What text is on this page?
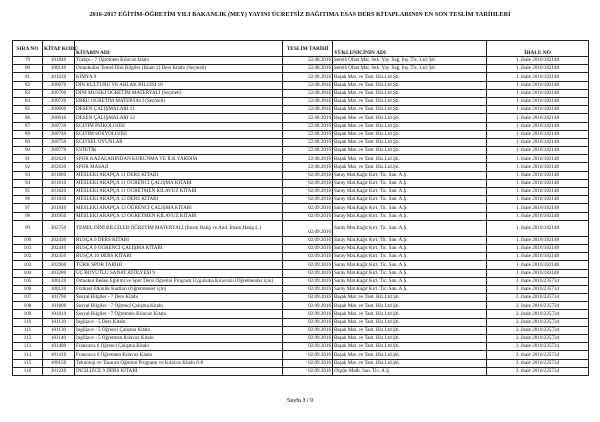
2016-2017 EĞİTİM-ÖĞRETİM YILI BAKANLIK (MEY) YAYINI ÜCRETSİZ DAĞITIMA ESAS DERS KİTAPLARININ EN SON TESLİM TARİHLERİ
SIRA NO	KİTAP KODU	KİTABIN ADI	TESLİM TARİHİ	YÜKLENİCİNİN ADI	İHALE NO
79	101840	Türkçe - 7 Öğretmen Kılavuz kitabı	22.08.2016	Semih Ofset Mat. Sek. Yay. Sağ. İnş. Tic. Ltd. Şti.	1. ihale 2016/182148
80	100140	Ortaokullar Temel Dini Bilgiler (İslam 2) Ders Kitabı (Seçmeli)	22.08.2016	Semih Ofset Mat. Sek. Yay. Sağ. İnş. Tic. Ltd. Şti.	1. ihale 2016/182148
81	201620	KİMYA 9	22.08.2016	Başak Mat. ve Tant. Hiz.Ltd.Şti.	1. ihale 2016/182148
82	200670	DİN KÜLTÜRÜ VE AHLAK BİLGİSİ 10	22.08.2016	Başak Mat. ve Tant. Hiz.Ltd.Şti.	1. ihale 2016/182148
83	200700	DİNİ MUSİKİ ÖĞRETİM MATERYALİ (Seçmeli)	22.08.2016	Başak Mat. ve Tant. Hiz.Ltd.Şti.	1. ihale 2016/182148
84	200720	EBRU ÖĞRETİM MATERYALİ (Seçmeli)	22.08.2016	Başak Mat. ve Tant. Hiz.Ltd.Şti.	1. ihale 2016/182148
85	200600	DESEN ÇALIŞMALARI 11	22.08.2016	Başak Mat. ve Tant. Hiz.Ltd.Şti.	1. ihale 2016/182148
86	200610	DESEN ÇALIŞMALARI 12	22.08.2016	Başak Mat. ve Tant. Hiz.Ltd.Şti.	1. ihale 2016/182148
87	200730	EĞİTİM PSİKOLOJİSİ	22.08.2016	Başak Mat. ve Tant. Hiz.Ltd.Şti.	1. ihale 2016/182148
88	200740	EĞİTİM SOSYOLOJİSİ	22.08.2016	Başak Mat. ve Tant. Hiz.Ltd.Şti.	1. ihale 2016/182148
89	200750	EĞİTSEL OYUNLAR	22.08.2016	Başak Mat. ve Tant. Hiz.Ltd.Şti.	1. ihale 2016/182148
90	200770	ESTETİK	22.08.2016	Başak Mat. ve Tant. Hiz.Ltd.Şti.	1. ihale 2016/182148
91	202620	SPOR KAZALARINDAN KORUNMA VE İLK YARDIM	22.08.2016	Başak Mat. ve Tant. Hiz.Ltd.Şti.	1. ihale 2016/182148
92	202630	SPOR MASAJI	22.08.2016	Başak Mat. ve Tant. Hiz.Ltd.Şti.	1. ihale 2016/182148
93	201800	MESLEKİ ARAPÇA 11 DERS KİTABI	02.09.2016	Saray Mat.Kağıt Kırt. Tic. San. A.Ş.	1. ihale 2016/182148
94	201810	MESLEKİ ARAPÇA 11 ÖĞRENCİ ÇALIŞMA KİTABI	02.09.2016	Saray Mat.Kağıt Kırt. Tic. San. A.Ş.	1. ihale 2016/182148
95	201820	MESLEKİ ARAPÇA 11 ÖĞRETMEN KILAVUZ KİTABI	02.09.2016	Saray Mat.Kağıt Kırt. Tic. San. A.Ş.	1. ihale 2016/182148
96	201830	MESLEKİ ARAPÇA 12 DERS KİTABI	02.09.2016	Saray Mat.Kağıt Kırt. Tic. San. A.Ş.	1. ihale 2016/182148
97	201840	MESLEKİ ARAPÇA 12 ÖĞRENCİ ÇALIŞMA KİTABI	02.09.2016	Saray Mat.Kağıt Kırt. Tic. San. A.Ş.	1. ihale 2016/182148
98	201850	MESLEKİ ARAPÇA 12 ÖĞRETMEN KILAVUZ KİTABI	02.09.2016	Saray Mat.Kağıt Kırt. Tic. San. A.Ş.	1. ihale 2016/182148
99	202750	TEMEL DİNİ BİLGİLER ÖĞRETİM MATERYALİ (İmam Hatip ve And. İmam Hatip L.)	02.09.2016	Saray Mat.Kağıt Kırt. Tic. San. A.Ş.	1. ihale 2016/182148
100	202430	RUSÇA 9 DERS KİTABI	02.09.2016	Saray Mat.Kağıt Kırt. Tic. San. A.Ş.	1. ihale 2016/182148
101	202440	RUSÇA 9 ÖĞRENCİ ÇALIŞMA KİTABI	02.09.2016	Saray Mat.Kağıt Kırt. Tic. San. A.Ş.	1. ihale 2016/182148
102	202450	RUSÇA 10 DERS KİTABI	02.09.2016	Saray Mat.Kağıt Kırt. Tic. San. A.Ş.	1. ihale 2016/182148
103	202900	TÜRK SPOR TARİHİ	02.09.2016	Saray Mat.Kağıt Kırt. Tic. San. A.Ş.	1. ihale 2016/182148
104	203280	ÜÇ BOYUTLU SANAT ATÖLYESİ 9	02.09.2016	Saray Mat.Kağıt Kırt. Tic. San. A.Ş.	1. ihale 2016/182148
105	100120	Ortaokul Beden Eğitimi ve Spor Dersi Öğretim Program Uygulama Kılavuzu (Öğretmenler için)	02.09.2016	Saray Mat.Kağıt Kırt. Tic. San. A.Ş.	2. ihale 2016/235734
106	100120	Fiziksel Etkinlik Kartları (Öğretmenler için)	02.09.2016	Saray Mat.Kağıt Kırt. Tic. San. A.Ş.	2. ihale 2016/235734
107	101790	Sosyal Bilgiler - 7 Ders Kitabı	02.09.2016	Başak Mat. ve Tant. Hiz.Ltd.Şti.	2. ihale 2016/235734
108	101800	Sosyal Bilgiler - 7 Öğrenci Çalışma Kitabı	02.09.2016	Başak Mat. ve Tant. Hiz.Ltd.Şti.	2. ihale 2016/235734
109	101810	Sosyal Bilgiler - 7 Öğretmen Kılavuz Kitabı	02.09.2016	Başak Mat. ve Tant. Hiz.Ltd.Şti.	2. ihale 2016/235734
110	101120	İngilizce - 5 Ders Kitabı	02.09.2016	Başak Mat. ve Tant. Hiz.Ltd.Şti.	2. ihale 2016/235734
111	101130	İngilizce - 5 Öğrenci Çalışma Kitabı	02.09.2016	Başak Mat. ve Tant. Hiz.Ltd.Şti.	2. ihale 2016/235734
112	101140	İngilizce - 5 Öğretmen Kılavuz Kitabı	02.09.2016	Başak Mat. ve Tant. Hiz.Ltd.Şti.	2. ihale 2016/235734
113	101400	Fransızca 6 Öğrenci Çalışma Kitabı	02.09.2016	Başak Mat. ve Tant. Hiz.Ltd.Şti.	2. ihale 2016/235734
114	101410	Fransızca 6 Öğretmen Kılavuz Kitabı	02.09.2016	Başak Mat. ve Tant. Hiz.Ltd.Şti.	2. ihale 2016/235734
115	100150	Teknoloji ve Tasarım Öğretim Programı ve Kılavuz Kitabı 6-8	02.09.2016	Başak Mat. ve Tant. Hiz.Ltd.Şti.	2. ihale 2016/235734
116	201220	İNGİLİZCE 9 DERS KİTABI	02.09.2016	Özgün Matb. San. Tic. A.Ş.	2. ihale 2016/235734
Sayfa 3 / 9
